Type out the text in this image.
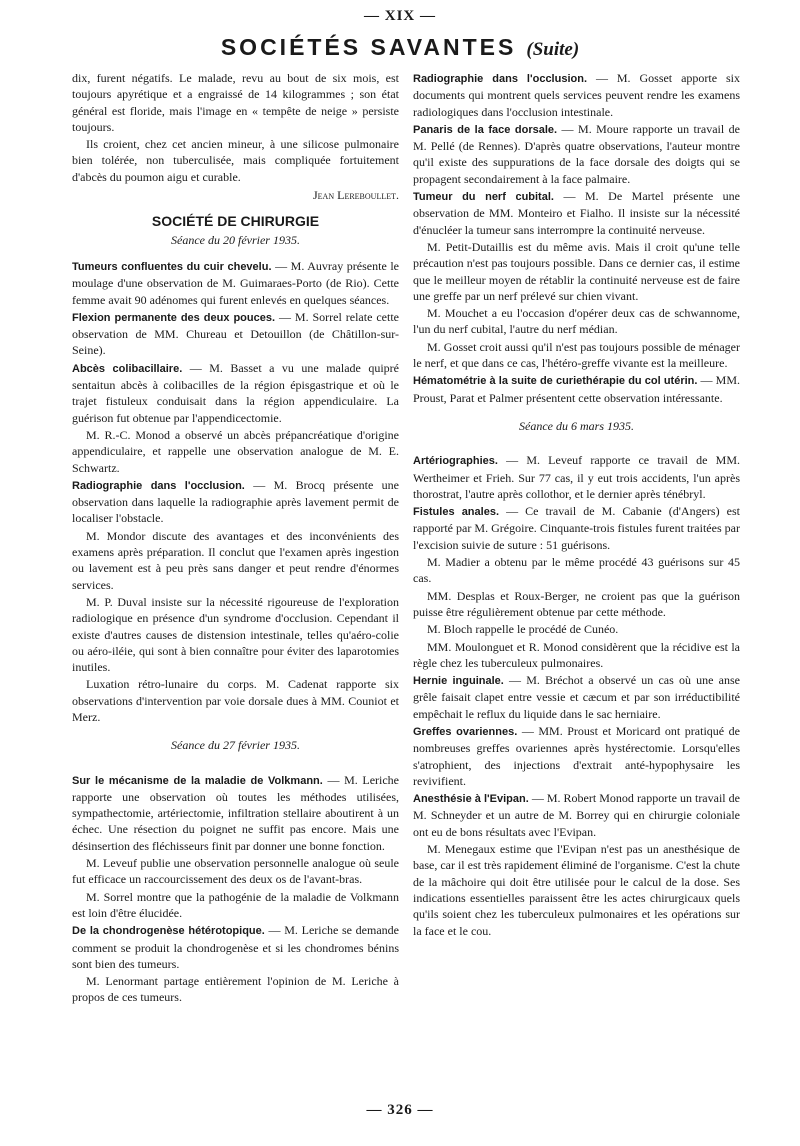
— XIX —
SOCIÉTÉS SAVANTES (Suite)

dix, furent négatifs. Le malade, revu au bout de six mois, est toujours apyrétique et a engraissé de 14 kilogrammes ; son état général est floride, mais l'image en « tempête de neige » persiste toujours.

Ils croient, chez cet ancien mineur, à une silicose pulmonaire bien tolérée, non tuberculisée, mais compliquée fortuitement d'abcès du poumon aigu et curable.

Jean Lereboullet.
SOCIÉTÉ DE CHIRURGIE
Séance du 20 février 1935.

Tumeurs confluentes du cuir chevelu. — M. Auvray présente le moulage d'une observation de M. Guimaraes-Porto (de Rio). Cette femme avait 90 adénomes qui furent enlevés en quelques séances.

Flexion permanente des deux pouces. — M. Sorrel relate cette observation de MM. Chureau et Detouillon (de Châtillon-sur-Seine).

Abcès colibacillaire. — M. Basset a vu une malade quipré sentaitun abcès à colibacilles de la région épisgastrique et où le trajet fistuleux conduisait dans la région appendiculaire. La guérison fut obtenue par l'appendicectomie.

M. R.-C. Monod a observé un abcès prépancréatique d'origine appendiculaire, et rappelle une observation analogue de M. E. Schwartz.

Radiographie dans l'occlusion. — M. Brocq présente une observation dans laquelle la radiographie après lavement permit de localiser l'obstacle.

M. Mondor discute des avantages et des inconvénients des examens après préparation. Il conclut que l'examen après ingestion ou lavement est à peu près sans danger et peut rendre d'énormes services.

M. P. Duval insiste sur la nécessité rigoureuse de l'exploration radiologique en présence d'un syndrome d'occlusion. Cependant il existe d'autres causes de distension intestinale, telles qu'aéro-colie ou aéro-iléie, qui sont à bien connaître pour éviter des laparotomies inutiles.

Luxation rétro-lunaire du corps. M. Cadenat rapporte six observations d'intervention par voie dorsale dues à MM. Couniot et Merz.

Séance du 27 février 1935.

Sur le mécanisme de la maladie de Volkmann. — M. Leriche rapporte une observation où toutes les méthodes utilisées, sympathectomie, artériectomie, infiltration stellaire aboutirent à un échec. Une résection du poignet ne suffit pas encore. Mais une désinsertion des fléchisseurs finit par donner une bonne fonction.

M. Leveuf publie une observation personnelle analogue où seule fut efficace un raccourcissement des deux os de l'avant-bras.

M. Sorrel montre que la pathogénie de la maladie de Volkmann est loin d'être élucidée.

De la chondrogenèse hétérotopique. — M. Leriche se demande comment se produit la chondrogenèse et si les chondromes bénins sont bien des tumeurs.

M. Lenormant partage entièrement l'opinion de M. Leriche à propos de ces tumeurs.

Radiographie dans l'occlusion. — M. Gosset apporte six documents qui montrent quels services peuvent rendre les examens radiologiques dans l'occlusion intestinale.

Panaris de la face dorsale. — M. Moure rapporte un travail de M. Pellé (de Rennes). D'après quatre observations, l'auteur montre qu'il existe des suppurations de la face dorsale des doigts qui se propagent secondairement à la face palmaire.

Tumeur du nerf cubital. — M. De Martel présente une observation de MM. Monteiro et Fialho. Il insiste sur la nécessité d'énucléer la tumeur sans interrompre la continuité nerveuse.

M. Petit-Dutaillis est du même avis. Mais il croit qu'une telle précaution n'est pas toujours possible. Dans ce dernier cas, il estime que le meilleur moyen de rétablir la continuité nerveuse est de faire une greffe par un nerf prélevé sur chien vivant.

M. Mouchet a eu l'occasion d'opérer deux cas de schwannome, l'un du nerf cubital, l'autre du nerf médian.

M. Gosset croit aussi qu'il n'est pas toujours possible de ménager le nerf, et que dans ce cas, l'hétéro-greffe vivante est la meilleure.

Hématométrie à la suite de curiethérapie du col utérin. — MM. Proust, Parat et Palmer présentent cette observation intéressante.

Séance du 6 mars 1935.

Artériographies. — M. Leveuf rapporte ce travail de MM. Wertheimer et Frieh. Sur 77 cas, il y eut trois accidents, l'un après thorostrat, l'autre après collothor, et le dernier après ténébryl.

Fistules anales. — Ce travail de M. Cabanie (d'Angers) est rapporté par M. Grégoire. Cinquante-trois fistules furent traitées par l'excision suivie de suture : 51 guérisons.

M. Madier a obtenu par le même procédé 43 guérisons sur 45 cas.

MM. Desplas et Roux-Berger, ne croient pas que la guérison puisse être régulièrement obtenue par cette méthode.

M. Bloch rappelle le procédé de Cunéo.

MM. Moulonguet et R. Monod considèrent que la récidive est la règle chez les tuberculeux pulmonaires.

Hernie inguinale. — M. Bréchot a observé un cas où une anse grêle faisait clapet entre vessie et cæcum et par son irréductibilité empêchait le reflux du liquide dans le sac herniaire.

Greffes ovariennes. — MM. Proust et Moricard ont pratiqué de nombreuses greffes ovariennes après hystérectomie. Lorsqu'elles s'atrophient, des injections d'extrait anté-hypophysaire les revivifient.

Anesthésie à l'Evipan. — M. Robert Monod rapporte un travail de M. Schneyder et un autre de M. Borrey qui en chirurgie coloniale ont eu de bons résultats avec l'Evipan.

M. Menegaux estime que l'Evipan n'est pas un anesthésique de base, car il est très rapidement éliminé de l'organisme. C'est la chute de la mâchoire qui doit être utilisée pour le calcul de la dose. Ses indications essentielles paraissent être les actes chirurgicaux quels qu'ils soient chez les tuberculeux pulmonaires et les opérations sur la face et le cou.

— 326 —
